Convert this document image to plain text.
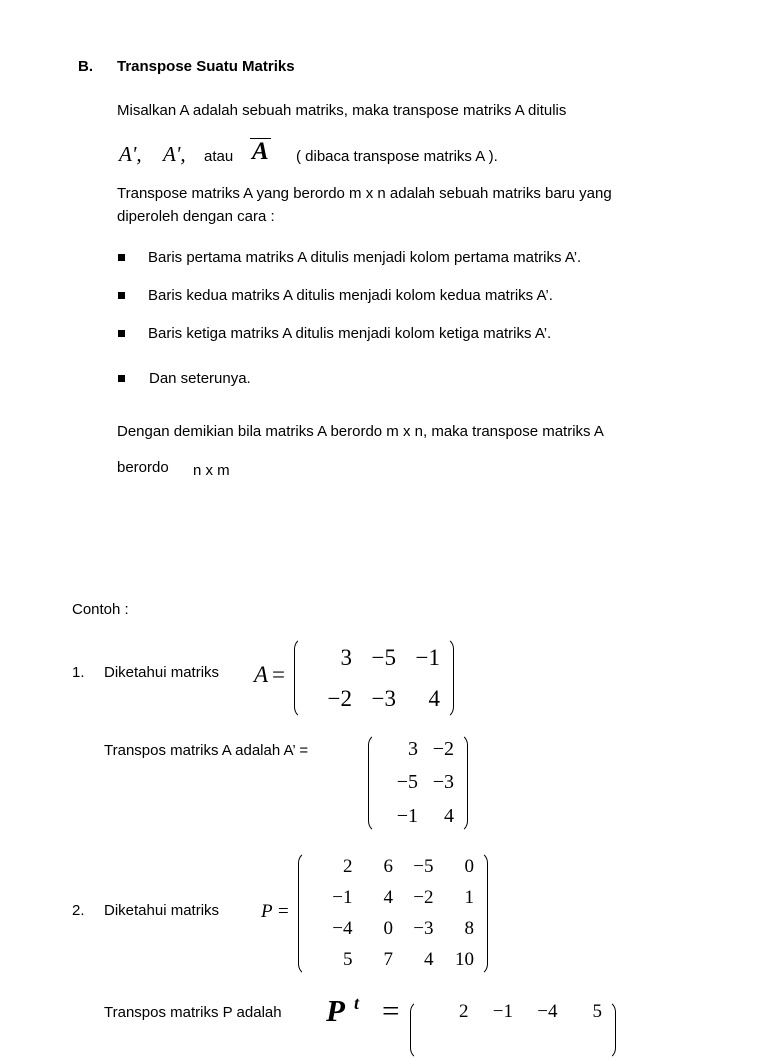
B. Transpose Suatu Matriks
Misalkan A adalah sebuah matriks, maka transpose matriks A ditulis
A', A', atau A ( dibaca transpose matriks A ).
Transpose matriks A yang berordo m x n adalah sebuah matriks baru yang
diperoleh dengan cara :
Baris pertama matriks A ditulis menjadi kolom pertama matriks A’.
Baris kedua matriks A ditulis menjadi kolom kedua matriks A’.
Baris ketiga matriks A ditulis menjadi kolom ketiga matriks A’.
Dan seterunya.
Dengan demikian bila matriks A berordo m x n, maka transpose matriks A
berordo n x m
Contoh :
1. Diketahui matriks A =
3 −5 −1
−2 −3 4
Transpos matriks A adalah A’ =	3 −2
−5 −3
−1 4
2. Diketahui matriks P =
2 6 −5 0
−1 4 −2 1
−4 0 −3 8
5 7 4 10
Transpos matriks P adalah P t =	2 −1 −4 5
